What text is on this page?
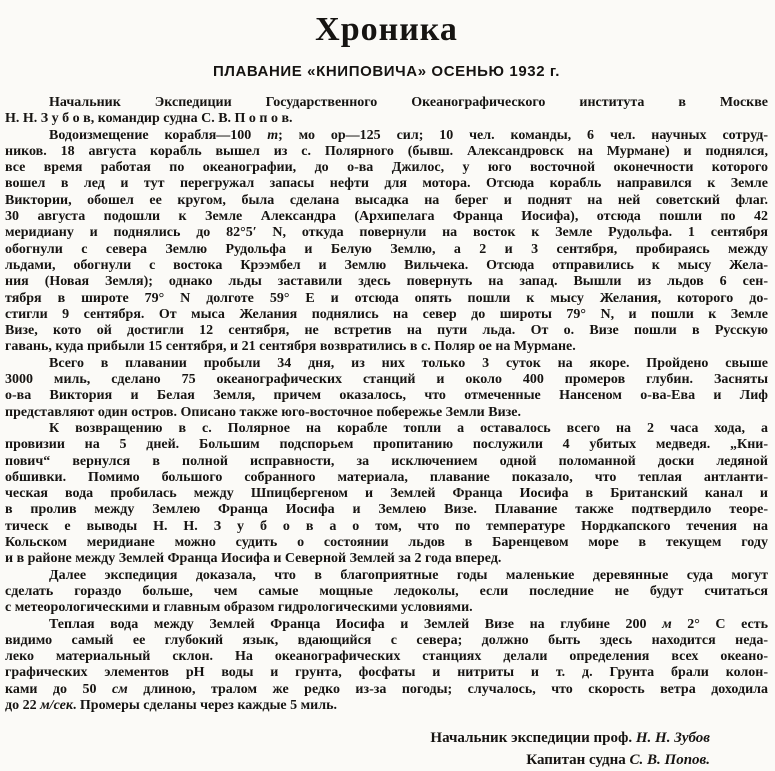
Хроника
ПЛАВАНИЕ «КНИПОВИЧА» ОСЕНЬЮ 1932 г.
Начальник Экспедиции Государственного Океанографического института в Москве
Н. Н. З у б о в, командир судна С. В. П о п о в.
Водоизмещение корабля—100 т; мо ор—125 сил; 10 чел. команды, 6 чел. научных сотруд-
ников. 18 августа корабль вышел из с. Полярного (бывш. Александровск на Мурмане) и поднялся,
все время работая по океанографии, до о-ва Джилос, у юго восточной оконечности которого
вошел в лед и тут перегружал запасы нефти для мотора. Отсюда корабль направился к Земле
Виктории, обошел ее кругом, была сделана высадка на берег и поднят на ней советский флаг.
30 августа подошли к Земле Александра (Архипелага Франца Иосифа), отсюда пошли по 42
меридиану и поднялись до 82°5′ N, откуда повернули на восток к Земле Рудольфа. 1 сентября
обогнули с севера Землю Рудольфа и Белую Землю, а 2 и 3 сентября, пробираясь между
льдами, обогнули с востока Крээмбел и Землю Вильчека. Отсюда отправились к мысу Жела-
ния (Новая Земля); однако льды заставили здесь повернуть на запад. Вышли из льдов 6 сен-
тября в широте 79° N долготе 59° E и отсюда опять пошли к мысу Желания, которого до-
стигли 9 сентября. От мыса Желания поднялись на север до широты 79° N, и пошли к Земле
Визе, кото ой достигли 12 сентября, не встретив на пути льда. От о. Визе пошли в Русскую
гавань, куда прибыли 15 сентября, и 21 сентября возвратились в с. Поляр ое на Мурмане.
Всего в плавании пробыли 34 дня, из них только 3 суток на якоре. Пройдено свыше
3000 миль, сделано 75 океанографических станций и около 400 промеров глубин. Засняты
о-ва Виктория и Белая Земля, причем оказалось, что отмеченные Нансеном о-ва-Ева и Лиф
представляют один остров. Описано также юго-восточное побережье Земли Визе.
К возвращению в с. Полярное на корабле топли а оставалось всего на 2 часа хода, а
провизии на 5 дней. Большим подспорьем пропитанию послужили 4 убитых медведя. „Кни-
пович“ вернулся в полной исправности, за исключением одной поломанной доски ледяной
обшивки. Помимо большого собранного материала, плавание показало, что теплая антланти-
ческая вода пробилась между Шпицбергеном и Землей Франца Иосифа в Британский канал и
в пролив между Землею Франца Иосифа и Землею Визе. Плавание также подтвердило теоре-
тическ е выводы Н. Н. З у б о в а о том, что по температуре Нордкапского течения на
Кольском меридиане можно судить о состоянии льдов в Баренцевом море в текущем году
и в районе между Землей Франца Иосифа и Северной Землей за 2 года вперед.
Далее экспедиция доказала, что в благоприятные годы маленькие деревянные суда могут
сделать гораздо больше, чем самые мощные ледоколы, если последние не будут считаться
с метеорологическими и главным образом гидрологическими условиями.
Теплая вода между Землей Франца Иосифа и Землей Визе на глубине 200 м 2° С есть
видимо самый ее глубокий язык, вдающийся с севера; должно быть здесь находится неда-
леко материальный склон. На океанографических станциях делали определения всех океано-
графических элементов pH воды и грунта, фосфаты и нитриты и т. д. Грунта брали колон-
ками до 50 см длиною, тралом же редко из-за погоды; случалось, что скорость ветра доходила
до 22 м/сек. Промеры сделаны через каждые 5 миль.
Начальник экспедиции проф. Н. Н. Зубов
Капитан судна С. В. Попов.
